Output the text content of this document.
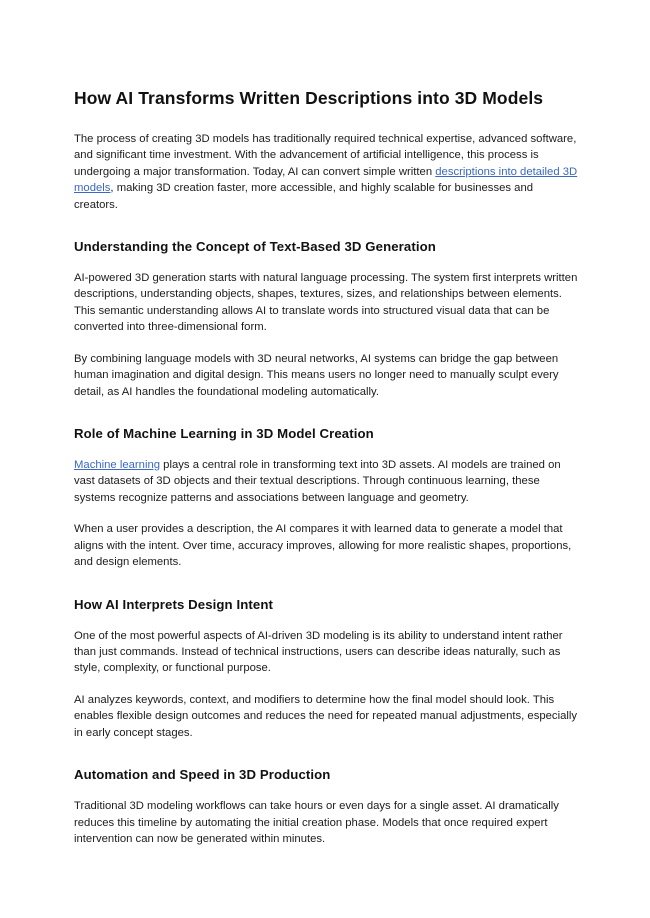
How AI Transforms Written Descriptions into 3D Models

The process of creating 3D models has traditionally required technical expertise, advanced software, and significant time investment. With the advancement of artificial intelligence, this process is undergoing a major transformation. Today, AI can convert simple written descriptions into detailed 3D models, making 3D creation faster, more accessible, and highly scalable for businesses and creators.

Understanding the Concept of Text-Based 3D Generation

AI-powered 3D generation starts with natural language processing. The system first interprets written descriptions, understanding objects, shapes, textures, sizes, and relationships between elements. This semantic understanding allows AI to translate words into structured visual data that can be converted into three-dimensional form.

By combining language models with 3D neural networks, AI systems can bridge the gap between human imagination and digital design. This means users no longer need to manually sculpt every detail, as AI handles the foundational modeling automatically.

Role of Machine Learning in 3D Model Creation

Machine learning plays a central role in transforming text into 3D assets. AI models are trained on vast datasets of 3D objects and their textual descriptions. Through continuous learning, these systems recognize patterns and associations between language and geometry.

When a user provides a description, the AI compares it with learned data to generate a model that aligns with the intent. Over time, accuracy improves, allowing for more realistic shapes, proportions, and design elements.

How AI Interprets Design Intent

One of the most powerful aspects of AI-driven 3D modeling is its ability to understand intent rather than just commands. Instead of technical instructions, users can describe ideas naturally, such as style, complexity, or functional purpose.

AI analyzes keywords, context, and modifiers to determine how the final model should look. This enables flexible design outcomes and reduces the need for repeated manual adjustments, especially in early concept stages.

Automation and Speed in 3D Production

Traditional 3D modeling workflows can take hours or even days for a single asset. AI dramatically reduces this timeline by automating the initial creation phase. Models that once required expert intervention can now be generated within minutes.
